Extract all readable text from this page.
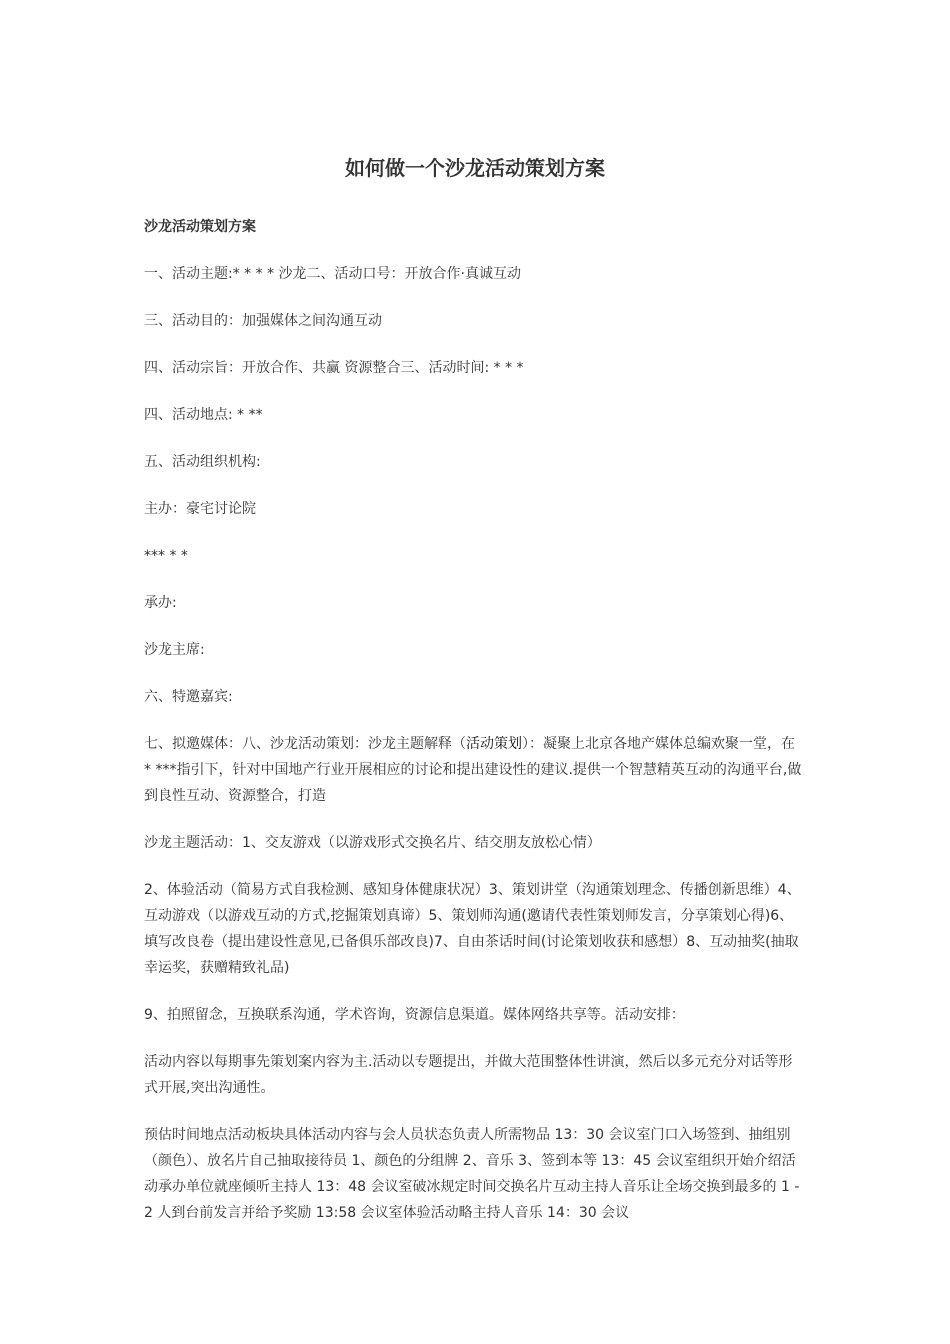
如何做一个沙龙活动策划方案

沙龙活动策划方案

一、活动主题:* * * * 沙龙二、活动口号：开放合作·真诚互动

三、活动目的：加强媒体之间沟通互动

四、活动宗旨：开放合作、共赢 资源整合三、活动时间: * * *

四、活动地点: * **

五、活动组织机构:

主办：豪宅讨论院

*** * *

承办:

沙龙主席:

六、特邀嘉宾:

七、拟邀媒体：八、沙龙活动策划：沙龙主题解释（活动策划）：凝聚上北京各地产媒体总编欢聚一堂，在 * ***指引下，针对中国地产行业开展相应的讨论和提出建设性的建议.提供一个智慧精英互动的沟通平台,做到良性互动、资源整合，打造

沙龙主题活动：1、交友游戏（以游戏形式交换名片、结交朋友放松心情）

2、体验活动（简易方式自我检测、感知身体健康状况）3、策划讲堂（沟通策划理念、传播创新思维）4、互动游戏（以游戏互动的方式,挖掘策划真谛）5、策划师沟通(邀请代表性策划师发言，分享策划心得)6、填写改良卷（提出建设性意见,已备俱乐部改良)7、自由茶话时间(讨论策划收获和感想）8、互动抽奖(抽取幸运奖，获赠精致礼品)

9、拍照留念，互换联系沟通，学术咨询，资源信息渠道。媒体网络共享等。活动安排：

活动内容以每期事先策划案内容为主.活动以专题提出，并做大范围整体性讲演，然后以多元充分对话等形式开展,突出沟通性。

预估时间地点活动板块具体活动内容与会人员状态负责人所需物品 13：30 会议室门口入场签到、抽组别（颜色）、放名片自己抽取接待员 1、颜色的分组牌 2、音乐 3、签到本等 13：45 会议室组织开始介绍活动承办单位就座倾听主持人 13：48 会议室破冰规定时间交换名片互动主持人音乐让全场交换到最多的 1 - 2 人到台前发言并给予奖励 13:58 会议室体验活动略主持人音乐 14：30 会议
